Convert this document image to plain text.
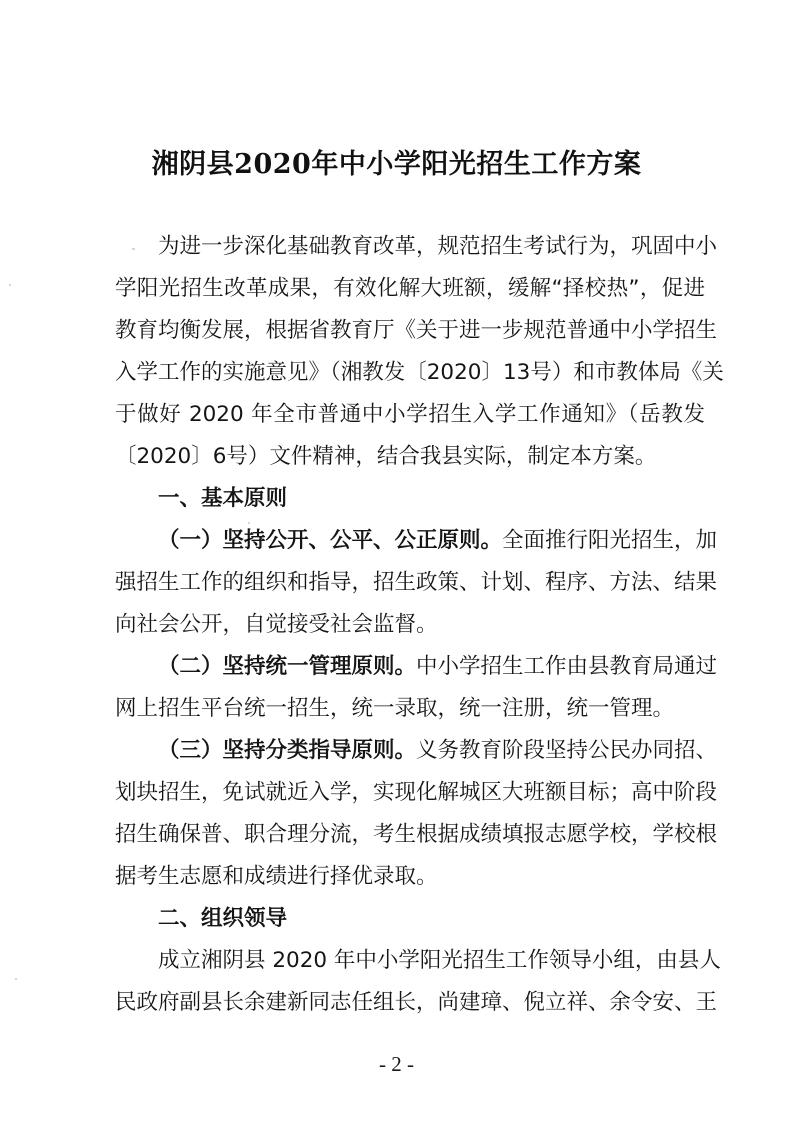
湘阴县2020年中小学阳光招生工作方案
为进一步深化基础教育改革，规范招生考试行为，巩固中小
学阳光招生改革成果，有效化解大班额，缓解“择校热”，促进
教育均衡发展，根据省教育厅《关于进一步规范普通中小学招生
入学工作的实施意见》（湘教发〔2020〕13号）和市教体局《关
于做好 2020 年全市普通中小学招生入学工作通知》（岳教发
〔2020〕6号）文件精神，结合我县实际，制定本方案。
一、基本原则
（一）坚持公开、公平、公正原则。全面推行阳光招生，加
强招生工作的组织和指导，招生政策、计划、程序、方法、结果
向社会公开，自觉接受社会监督。
（二）坚持统一管理原则。中小学招生工作由县教育局通过
网上招生平台统一招生，统一录取，统一注册，统一管理。
（三）坚持分类指导原则。义务教育阶段坚持公民办同招、
划块招生，免试就近入学，实现化解城区大班额目标；高中阶段
招生确保普、职合理分流，考生根据成绩填报志愿学校，学校根
据考生志愿和成绩进行择优录取。
二、组织领导
成立湘阴县 2020 年中小学阳光招生工作领导小组，由县人
民政府副县长余建新同志任组长，尚建璋、倪立祥、余令安、王
- 2 -
